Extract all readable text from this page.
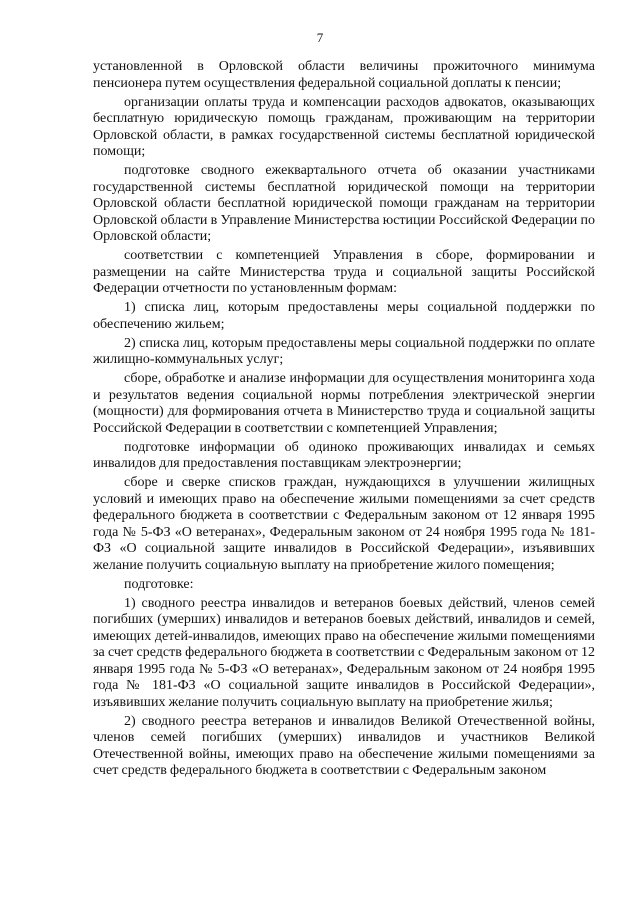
7

установленной в Орловской области величины прожиточного минимума пенсионера путем осуществления федеральной социальной доплаты к пенсии;

организации оплаты труда и компенсации расходов адвокатов, оказывающих бесплатную юридическую помощь гражданам, проживающим на территории Орловской области, в рамках государственной системы бесплатной юридической помощи;

подготовке сводного ежеквартального отчета об оказании участниками государственной системы бесплатной юридической помощи на территории Орловской области бесплатной юридической помощи гражданам на территории Орловской области в Управление Министерства юстиции Российской Федерации по Орловской области;

соответствии с компетенцией Управления в сборе, формировании и размещении на сайте Министерства труда и социальной защиты Российской Федерации отчетности по установленным формам:

1) списка лиц, которым предоставлены меры социальной поддержки по обеспечению жильем;

2) списка лиц, которым предоставлены меры социальной поддержки по оплате жилищно-коммунальных услуг;

сборе, обработке и анализе информации для осуществления мониторинга хода и результатов ведения социальной нормы потребления электрической энергии (мощности) для формирования отчета в Министерство труда и социальной защиты Российской Федерации в соответствии с компетенцией Управления;

подготовке информации об одиноко проживающих инвалидах и семьях инвалидов для предоставления поставщикам электроэнергии;

сборе и сверке списков граждан, нуждающихся в улучшении жилищных условий и имеющих право на обеспечение жилыми помещениями за счет средств федерального бюджета в соответствии с Федеральным законом от 12 января 1995 года № 5-ФЗ «О ветеранах», Федеральным законом от 24 ноября 1995 года № 181-ФЗ «О социальной защите инвалидов в Российской Федерации», изъявивших желание получить социальную выплату на приобретение жилого помещения;

подготовке:

1) сводного реестра инвалидов и ветеранов боевых действий, членов семей погибших (умерших) инвалидов и ветеранов боевых действий, инвалидов и семей, имеющих детей-инвалидов, имеющих право на обеспечение жилыми помещениями за счет средств федерального бюджета в соответствии с Федеральным законом от 12 января 1995 года № 5-ФЗ «О ветеранах», Федеральным законом от 24 ноября 1995 года № 181-ФЗ «О социальной защите инвалидов в Российской Федерации», изъявивших желание получить социальную выплату на приобретение жилья;

2) сводного реестра ветеранов и инвалидов Великой Отечественной войны, членов семей погибших (умерших) инвалидов и участников Великой Отечественной войны, имеющих право на обеспечение жилыми помещениями за счет средств федерального бюджета в соответствии с Федеральным законом
